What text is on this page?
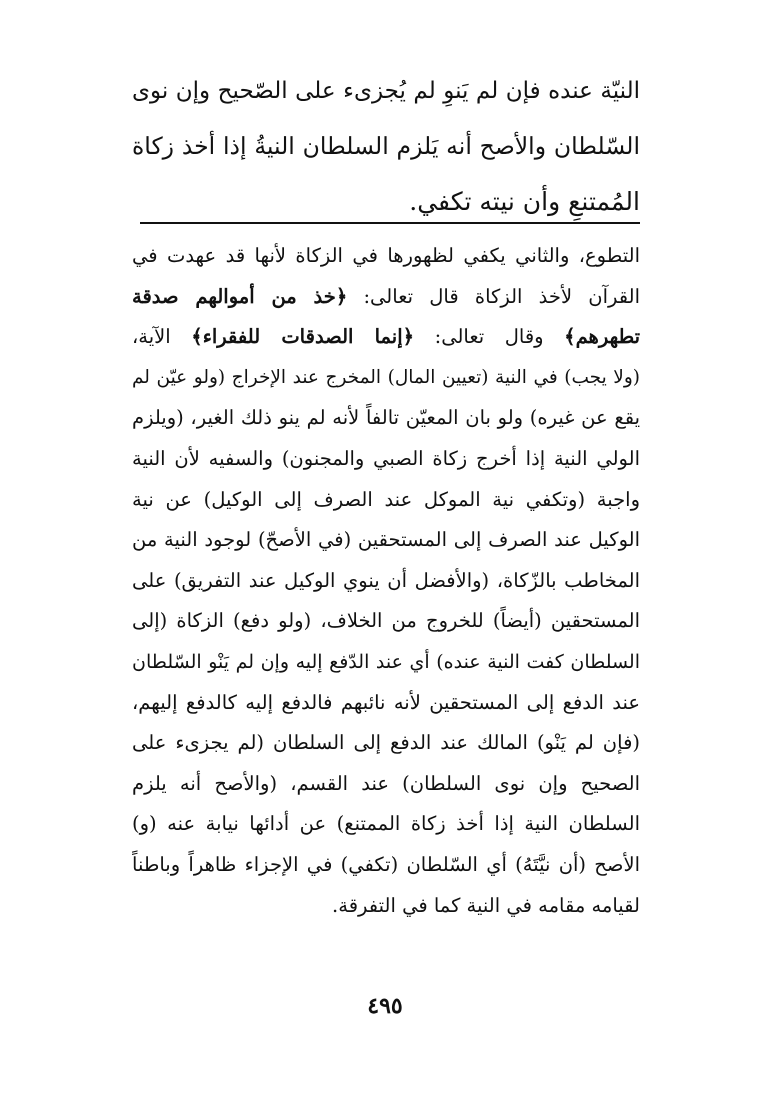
النيّة عنده فإن لم يَنوِ لم يُجزىء على الصّحيح وإن نوى
السّلطان والأصح أنه يَلزم السلطان النيةُ إذا أخذ زكاة
المُمتنعِ وأن نيته تكفي.
التطوع، والثاني يكفي لظهورها في الزكاة لأنها قد عهدت في
القرآن لأخذ الزكاة قال تعالى: ﴿خذ من أموالهم صدقة
تطهرهم﴾ وقال تعالى: ﴿إنما الصدقات للفقراء﴾ الآية،
(ولا يجب) في النية (تعيين المال) المخرج عند الإخراج (ولو عيّن لم
يقع عن غيره) ولو بان المعيّن تالفاً لأنه لم ينو ذلك الغير، (ويلزم
الولي النية إذا أخرج زكاة الصبي والمجنون) والسفيه لأن النية
واجبة (وتكفي نية الموكل عند الصرف إلى الوكيل) عن نية
الوكيل عند الصرف إلى المستحقين (في الأصحّ) لوجود النية من
المخاطب بالزّكاة، (والأفضل أن ينوي الوكيل عند التفريق) على
المستحقين (أيضاً) للخروج من الخلاف، (ولو دفع) الزكاة (إلى
السلطان كفت النية عنده) أي عند الدّفع إليه وإن لم يَنْو السّلطان
عند الدفع إلى المستحقين لأنه نائبهم فالدفع إليه كالدفع إليهم،
(فإن لم يَنْو) المالك عند الدفع إلى السلطان (لم يجزىء على
الصحيح وإن نوى السلطان) عند القسم، (والأصح أنه يلزم
السلطان النية إذا أخذ زكاة الممتنع) عن أدائها نيابة عنه (و)
الأصح (أن نيَّتَهُ) أي السّلطان (تكفي) في الإجزاء ظاهراً وباطناً
لقيامه مقامه في النية كما في التفرقة.
٤٩٥
